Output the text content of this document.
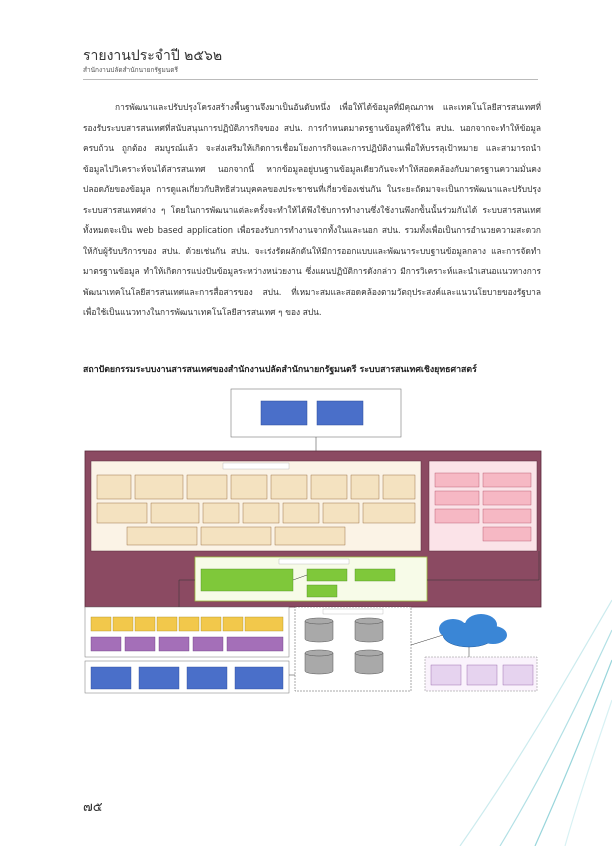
รายงานประจำปี ๒๕๖๒
สำนักงานปลัดสำนักนายกรัฐมนตรี

การพัฒนาและปรับปรุงโครงสร้างพื้นฐานจึงมาเป็นอันดับหนึ่ง เพื่อให้ได้ข้อมูลที่มีคุณภาพ และเทคโนโลยีสารสนเทศที่รองรับระบบสารสนเทศที่สนับสนุนการปฏิบัติภารกิจของ สปน. การกำหนดมาตรฐานข้อมูลที่ใช้ใน สปน. นอกจากจะทำให้ข้อมูลครบถ้วน ถูกต้อง สมบูรณ์แล้ว จะส่งเสริมให้เกิดการเชื่อมโยงการกิจและการปฏิบัติงานเพื่อให้บรรลุเป้าหมาย และสามารถนำข้อมูลไปวิเคราะห์จนได้สารสนเทศ นอกจากนี้ หากข้อมูลอยู่บนฐานข้อมูลเดียวกันจะทำให้สอดคล้องกับมาตรฐานความมั่นคงปลอดภัยของข้อมูล การดูแลเกี่ยวกับสิทธิส่วนบุคคลของประชาชนที่เกี่ยวข้องเช่นกัน ในระยะถัดมาจะเป็นการพัฒนาและปรับปรุงระบบสารสนเทศต่าง ๆ โดยในการพัฒนาแต่ละครั้งจะทำให้ได้พึงใช้บการทำงานซึ่งใช้งานพึงกข้ันนั้นร่วมกันได้ ระบบสารสนเทศทั้งหมดจะเป็น web based application เพื่อรองรับการทำงานจากทั้งในและนอก สปน. รวมทั้งเพื่อเป็นการอำนวยความสะดวกให้กับผู้รับบริการของ สปน. ด้วยเช่นกัน สปน. จะเร่งรัดผลักดันให้มีการออกแบบและพัฒนาระบบฐานข้อมูลกลาง และการจัดทำมาตรฐานข้อมูล ทำให้เกิดการแบ่งปันข้อมูลระหว่างหน่วยงาน ซึ่งแผนปฏิบัติการดังกล่าว มีการวิเคราะห์และนำเสนอแนวทางการพัฒนาเทคโนโลยีสารสนเทศและการสื่อสารของ สปน. ที่เหมาะสมและสอดคล้องตามวัตถุประสงค์และแนวนโยบายของรัฐบาล เพื่อใช้เป็นแนวทางในการพัฒนาเทคโนโลยีสารสนเทศ ๆ ของ สปน.

สถาปัตยกรรมระบบงานสารสนเทศของสำนักงานปลัดสำนักนายกรัฐมนตรี ระบบสารสนเทศเชิงยุทธศาสตร์
๗๕
